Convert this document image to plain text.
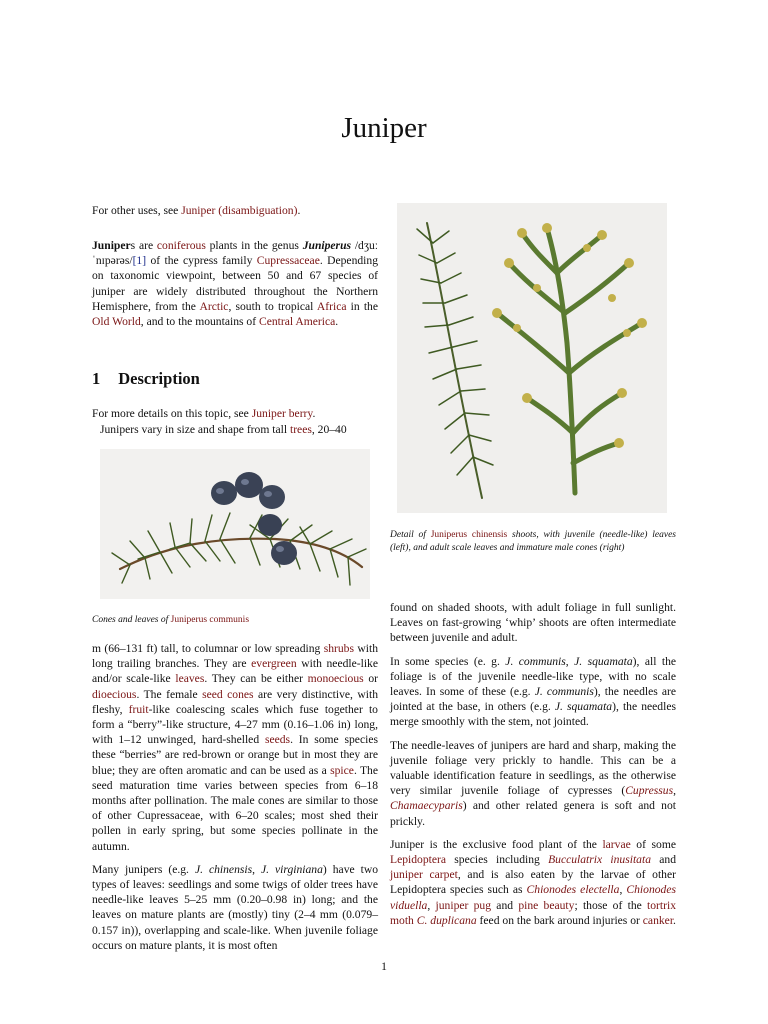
Juniper
For other uses, see Juniper (disambiguation).
Junipers are coniferous plants in the genus Juniperus /dʒuːˈnɪpərəs/[1] of the cypress family Cupressaceae. Depending on taxonomic viewpoint, between 50 and 67 species of juniper are widely distributed throughout the Northern Hemisphere, from the Arctic, south to tropical Africa in the Old World, and to the mountains of Central America.
1 Description
For more details on this topic, see Juniper berry.
Junipers vary in size and shape from tall trees, 20–40
Cones and leaves of Juniperus communis

m (66–131 ft) tall, to columnar or low spreading shrubs with long trailing branches. They are evergreen with needle-like and/or scale-like leaves. They can be either monoecious or dioecious. The female seed cones are very distinctive, with fleshy, fruit-like coalescing scales which fuse together to form a “berry”-like structure, 4–27 mm (0.16–1.06 in) long, with 1–12 unwinged, hard-shelled seeds. In some species these “berries” are red-brown or orange but in most they are blue; they are often aromatic and can be used as a spice. The seed maturation time varies between species from 6–18 months after pollination. The male cones are similar to those of other Cupressaceae, with 6–20 scales; most shed their pollen in early spring, but some species pollinate in the autumn.

Many junipers (e.g. J. chinensis, J. virginiana) have two types of leaves: seedlings and some twigs of older trees have needle-like leaves 5–25 mm (0.20–0.98 in) long; and the leaves on mature plants are (mostly) tiny (2–4 mm (0.079–0.157 in)), overlapping and scale-like. When juvenile foliage occurs on mature plants, it is most often

Detail of Juniperus chinensis shoots, with juvenile (needle-like) leaves (left), and adult scale leaves and immature male cones (right)

found on shaded shoots, with adult foliage in full sunlight. Leaves on fast-growing ‘whip’ shoots are often intermediate between juvenile and adult.

In some species (e. g. J. communis, J. squamata), all the foliage is of the juvenile needle-like type, with no scale leaves. In some of these (e.g. J. communis), the needles are jointed at the base, in others (e.g. J. squamata), the needles merge smoothly with the stem, not jointed.

The needle-leaves of junipers are hard and sharp, making the juvenile foliage very prickly to handle. This can be a valuable identification feature in seedlings, as the otherwise very similar juvenile foliage of cypresses (Cupressus, Chamaecyparis) and other related genera is soft and not prickly.

Juniper is the exclusive food plant of the larvae of some Lepidoptera species including Bucculatrix inusitata and juniper carpet, and is also eaten by the larvae of other Lepidoptera species such as Chionodes electella, Chionodes viduella, juniper pug and pine beauty; those of the tortrix moth C. duplicana feed on the bark around injuries or canker.

1
